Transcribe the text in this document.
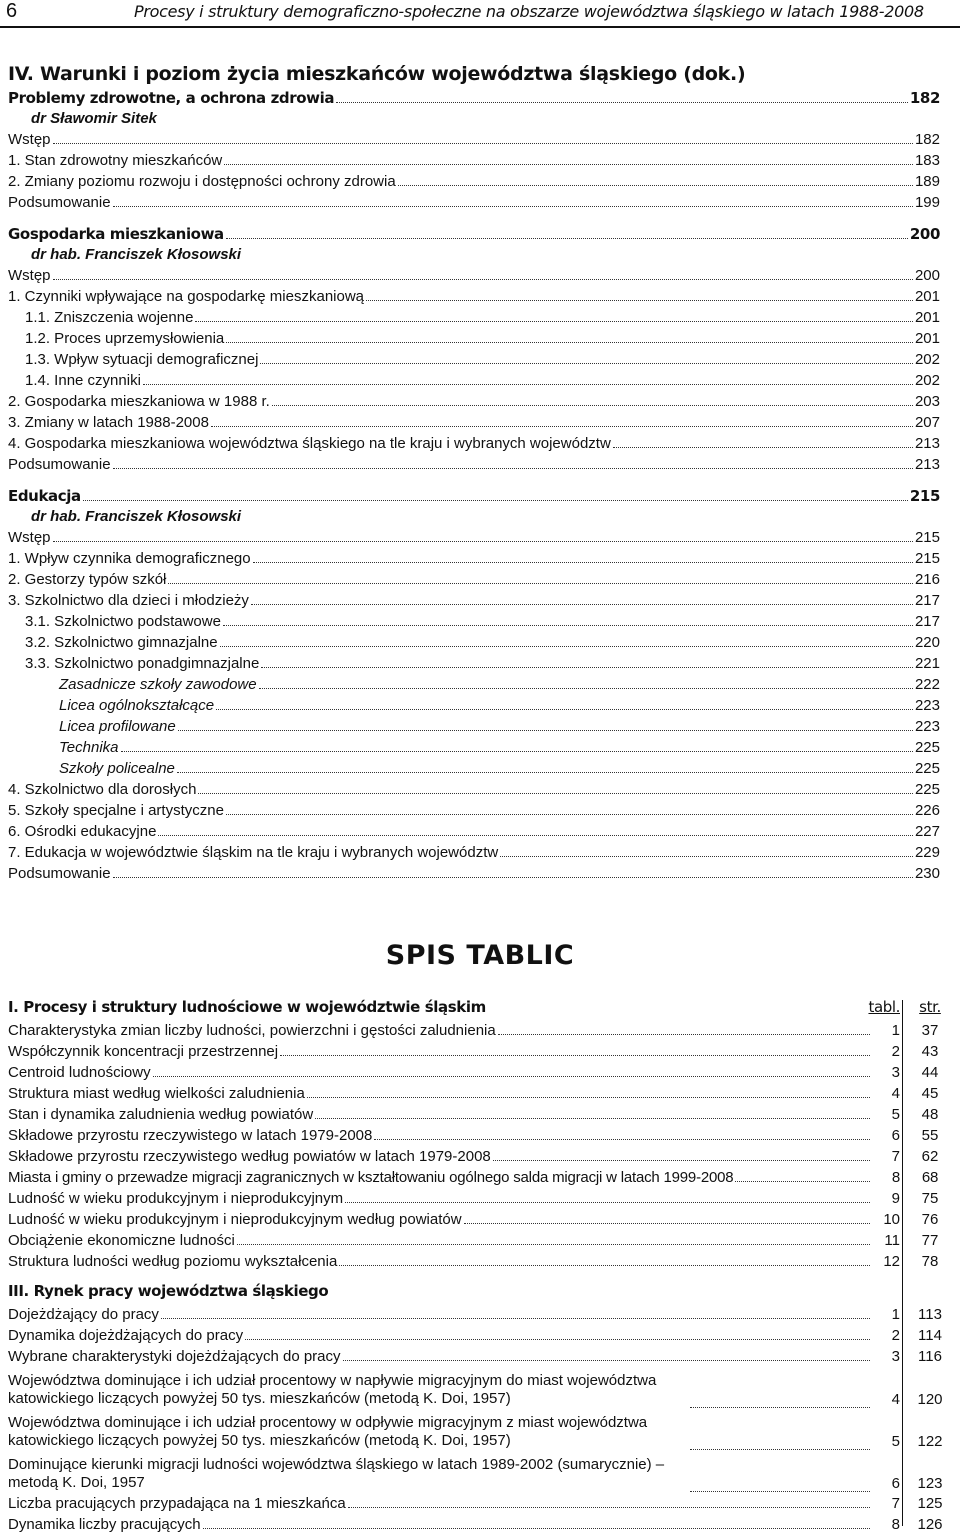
6	Procesy i struktury demograficzno-społeczne na obszarze województwa śląskiego w latach 1988-2008
IV. Warunki i poziom życia mieszkańców województwa śląskiego (dok.)
Problemy zdrowotne, a ochrona zdrowia	182
dr Sławomir Sitek
Wstęp	182
1. Stan zdrowotny mieszkańców	183
2. Zmiany poziomu rozwoju i dostępności ochrony zdrowia	189
Podsumowanie	199
Gospodarka mieszkaniowa	200
dr hab. Franciszek Kłosowski
Wstęp	200
1. Czynniki wpływające na gospodarkę mieszkaniową	201
1.1. Zniszczenia wojenne	201
1.2. Proces uprzemysłowienia	201
1.3. Wpływ sytuacji demograficznej	202
1.4. Inne czynniki	202
2. Gospodarka mieszkaniowa w 1988 r.	203
3. Zmiany w latach 1988-2008	207
4. Gospodarka mieszkaniowa województwa śląskiego na tle kraju i wybranych województw	213
Podsumowanie	213
Edukacja	215
dr hab. Franciszek Kłosowski
Wstęp	215
1. Wpływ czynnika demograficznego	215
2. Gestorzy typów szkół	216
3. Szkolnictwo dla dzieci i młodzieży	217
3.1. Szkolnictwo podstawowe	217
3.2. Szkolnictwo gimnazjalne	220
3.3. Szkolnictwo ponadgimnazjalne	221
Zasadnicze szkoły zawodowe	222
Licea ogólnokształcące	223
Licea profilowane	223
Technika	225
Szkoły policealne	225
4. Szkolnictwo dla dorosłych	225
5. Szkoły specjalne i artystyczne	226
6. Ośrodki edukacyjne	227
7. Edukacja w województwie śląskim na tle kraju i wybranych województw	229
Podsumowanie	230
SPIS TABLIC
I. Procesy i struktury ludnościowe w województwie śląskim	tabl.	str.
Charakterystyka zmian liczby ludności, powierzchni i gęstości zaludnienia	1	37
Współczynnik koncentracji przestrzennej	2	43
Centroid ludnościowy	3	44
Struktura miast według wielkości zaludnienia	4	45
Stan i dynamika zaludnienia według powiatów	5	48
Składowe przyrostu rzeczywistego w latach 1979-2008	6	55
Składowe przyrostu rzeczywistego według powiatów w latach 1979-2008	7	62
Miasta i gminy o przewadze migracji zagranicznych w kształtowaniu ogólnego salda migracji w latach 1999-2008	8	68
Ludność w wieku produkcyjnym i nieprodukcyjnym	9	75
Ludność w wieku produkcyjnym i nieprodukcyjnym według powiatów	10	76
Obciążenie ekonomiczne ludności	11	77
Struktura ludności według poziomu wykształcenia	12	78
III. Rynek pracy województwa śląskiego
Dojeżdżający do pracy	1	113
Dynamika dojeżdżających do pracy	2	114
Wybrane charakterystyki dojeżdżających do pracy	3	116
Województwa dominujące i ich udział procentowy w napływie migracyjnym do miast województwa katowickiego liczących powyżej 50 tys. mieszkańców (metodą K. Doi, 1957)	4	120
Województwa dominujące i ich udział procentowy w odpływie migracyjnym z miast województwa katowickiego liczących powyżej 50 tys. mieszkańców (metodą K. Doi, 1957)	5	122
Dominujące kierunki migracji ludności województwa śląskiego w latach 1989-2002 (sumarycznie) – metodą K. Doi, 1957	6	123
Liczba pracujących przypadająca na 1 mieszkańca	7	125
Dynamika liczby pracujących	8	126
